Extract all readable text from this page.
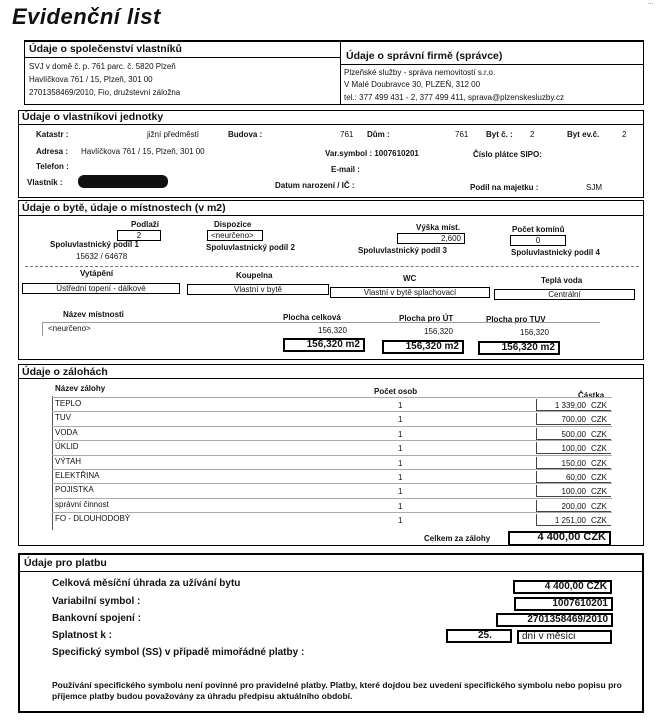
Evidenční list
...
Údaje o společenství vlastníků
Údaje o správní firmě (správce)
SVJ v domě č. p. 761 parc. č. 5820 Plzeň
Havlíčkova 761 / 15, Plzeň, 301 00
2701358469/2010, Fio, družstevní záložna
Plzeňské služby - správa nemovitostí s.r.o.
V Malé Doubravce 30, PLZEŇ, 312 00
tel.: 377 499 431 - 2, 377 499 411, sprava@plzenskesluzby.cz
Údaje o vlastníkovi jednotky
Katastr :	jižní předměstí	Budova :	761 Dům :	761 Byt č. : 2	Byt ev.č.	2
Adresa : Havlíčkova 761 / 15, Plzeň, 301 00	Var.symbol : 1007610201	Číslo plátce SIPO:
Telefon :	E-mail :
Vlastník :	Datum narození / IČ :	Podíl na majetku :	SJM
Údaje o bytě, údaje o místnostech (v m2)
Podlaží
2
Dispozice
<neurčeno>
Výška míst.
2,600
Počet komínů
0
Spoluvlastnický podíl 1
15632 / 64678
Spoluvlastnický podíl 2	Spoluvlastnický podíl 3	Spoluvlastnický podíl 4
Vytápění
Ústřední topení - dálkové
Koupelna
Vlastní v bytě
WC
Vlastní v bytě splachovací
Teplá voda
Centrální
Název místnosti	Plocha celková	Plocha pro ÚT	Plocha pro TUV
<neurčeno>	156,320	156,320	156,320
156,320 m2	156,320 m2	156,320 m2
Údaje o zálohách
Název zálohy	Počet osob	Částka
TEPLO	1	1 339,00 CZK
TUV	1	700,00 CZK
VODA	1	500,00 CZK
ÚKLID	1	100,00 CZK
VÝTAH	1	150,00 CZK
ELEKTŘINA	1	60,00 CZK
POJISTKA	1	100,00 CZK
správní činnost	1	200,00 CZK
FO - DLOUHODOBÝ	1	1 251,00 CZK
Celkem za zálohy	4 400,00 CZK
Údaje pro platbu
Celková měsíční úhrada za užívání bytu	4 400,00 CZK
Variabilní symbol :	1007610201
Bankovní spojení :	2701358469/2010
Splatnost k :	25.	dní v měsíci
Specifický symbol (SS) v případě mimořádné platby :
Používání specifického symbolu není povinné pro pravidelné platby. Platby, které dojdou bez uvedení specifického symbolu nebo popisu pro příjemce platby budou považovány za úhradu předpisu aktuálního období.
